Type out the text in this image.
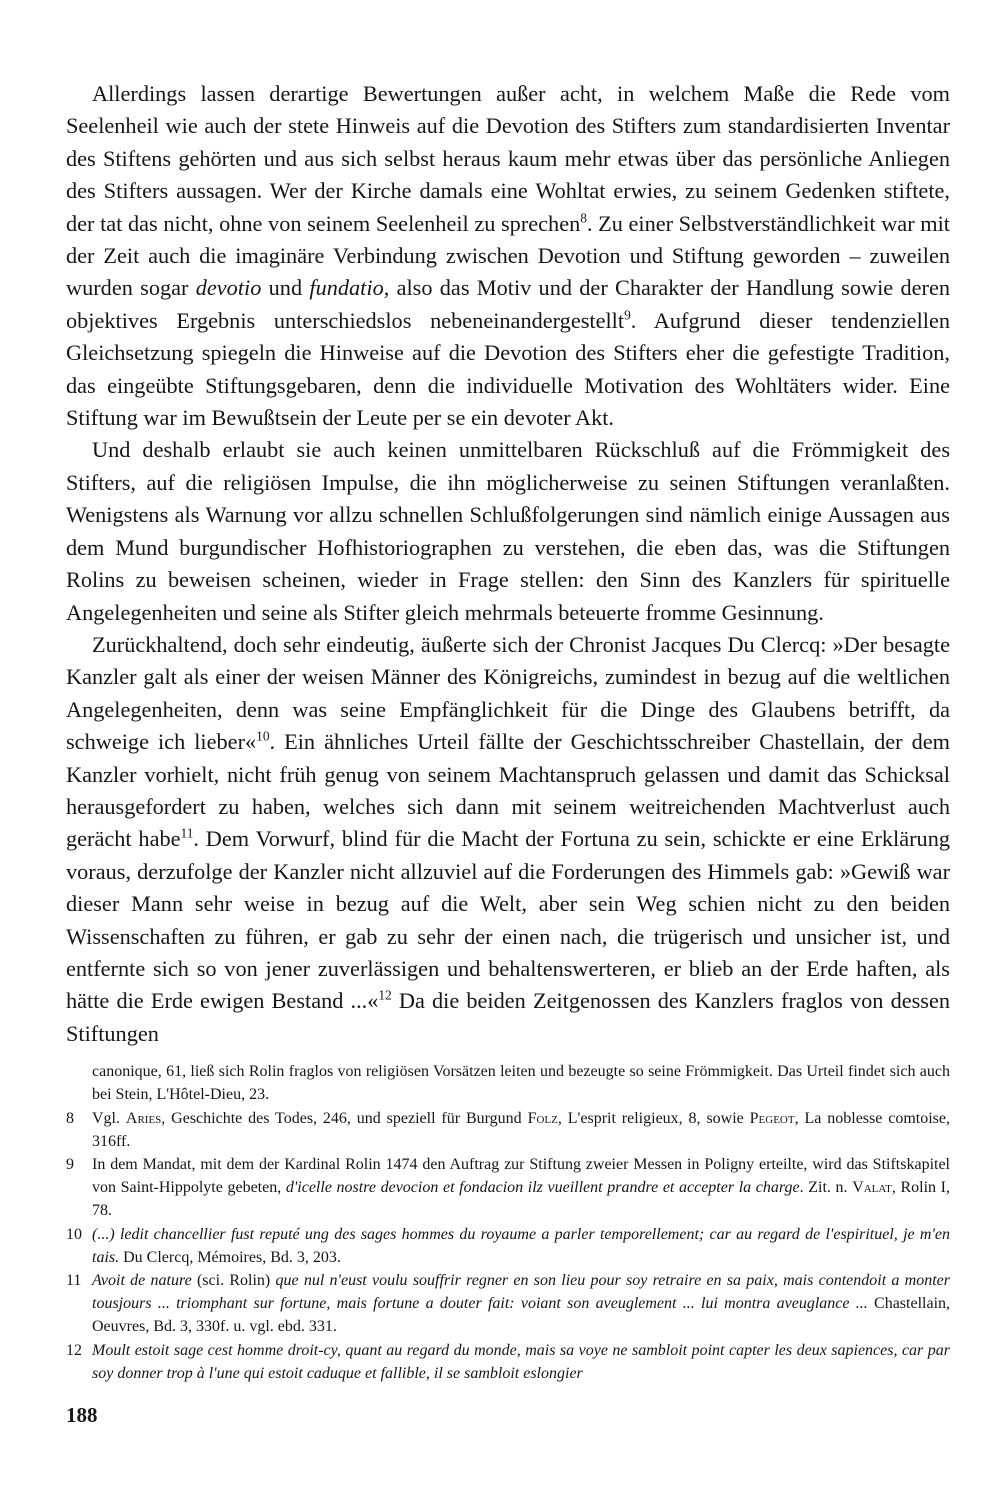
Allerdings lassen derartige Bewertungen außer acht, in welchem Maße die Rede vom Seelenheil wie auch der stete Hinweis auf die Devotion des Stifters zum standardisierten Inventar des Stiftens gehörten und aus sich selbst heraus kaum mehr etwas über das persönliche Anliegen des Stifters aussagen. Wer der Kirche damals eine Wohltat erwies, zu seinem Gedenken stiftete, der tat das nicht, ohne von seinem Seelenheil zu sprechen$^8$. Zu einer Selbstverständlichkeit war mit der Zeit auch die imaginäre Verbindung zwischen Devotion und Stiftung geworden – zuweilen wurden sogar devotio und fundatio, also das Motiv und der Charakter der Handlung sowie deren objektives Ergebnis unterschiedslos nebeneinandergestellt$^9$. Aufgrund dieser tendenziellen Gleichsetzung spiegeln die Hinweise auf die Devotion des Stifters eher die gefestigte Tradition, das eingeübte Stiftungsgebaren, denn die individuelle Motivation des Wohltäters wider. Eine Stiftung war im Bewußtsein der Leute per se ein devoter Akt.

Und deshalb erlaubt sie auch keinen unmittelbaren Rückschluß auf die Frömmigkeit des Stifters, auf die religiösen Impulse, die ihn möglicherweise zu seinen Stiftungen veranlaßten. Wenigstens als Warnung vor allzu schnellen Schlußfolgerungen sind nämlich einige Aussagen aus dem Mund burgundischer Hofhistoriographen zu verstehen, die eben das, was die Stiftungen Rolins zu beweisen scheinen, wieder in Frage stellen: den Sinn des Kanzlers für spirituelle Angelegenheiten und seine als Stifter gleich mehrmals beteuerte fromme Gesinnung.

Zurückhaltend, doch sehr eindeutig, äußerte sich der Chronist Jacques Du Clercq: »Der besagte Kanzler galt als einer der weisen Männer des Königreichs, zumindest in bezug auf die weltlichen Angelegenheiten, denn was seine Empfänglichkeit für die Dinge des Glaubens betrifft, da schweige ich lieber«$^{10}$. Ein ähnliches Urteil fällte der Geschichtsschreiber Chastellain, der dem Kanzler vorhielt, nicht früh genug von seinem Machtanspruch gelassen und damit das Schicksal herausgefordert zu haben, welches sich dann mit seinem weitreichenden Machtverlust auch gerächt habe$^{11}$. Dem Vorwurf, blind für die Macht der Fortuna zu sein, schickte er eine Erklärung voraus, derzufolge der Kanzler nicht allzuviel auf die Forderungen des Himmels gab: »Gewiß war dieser Mann sehr weise in bezug auf die Welt, aber sein Weg schien nicht zu den beiden Wissenschaften zu führen, er gab zu sehr der einen nach, die trügerisch und unsicher ist, und entfernte sich so von jener zuverlässigen und behaltenswerteren, er blieb an der Erde haften, als hätte die Erde ewigen Bestand ...«$^{12}$ Da die beiden Zeitgenossen des Kanzlers fraglos von dessen Stiftungen

canonique, 61, ließ sich Rolin fraglos von religiösen Vorsätzen leiten und bezeugte so seine Frömmigkeit. Das Urteil findet sich auch bei Stein, L'Hôtel-Dieu, 23.
8	Vgl. Aries, Geschichte des Todes, 246, und speziell für Burgund Folz, L'esprit religieux, 8, sowie Pegeot, La noblesse comtoise, 316ff.
9	In dem Mandat, mit dem der Kardinal Rolin 1474 den Auftrag zur Stiftung zweier Messen in Poligny erteilte, wird das Stiftskapitel von Saint-Hippolyte gebeten, d'icelle nostre devocion et fondacion ilz vueillent prandre et accepter la charge. Zit. n. Valat, Rolin I, 78.
10 (...) ledit chancellier fust reputé ung des sages hommes du royaume a parler temporellement; car au regard de l'espirituel, je m'en tais. Du Clercq, Mémoires, Bd. 3, 203.
11 Avoit de nature (sci. Rolin) que nul n'eust voulu souffrir regner en son lieu pour soy retraire en sa paix, mais contendoit a monter tousjours ... triomphant sur fortune, mais fortune a douter fait: voiant son aveuglement ... lui montra aveuglance ... Chastellain, Oeuvres, Bd. 3, 330f. u. vgl. ebd. 331.
12 Moult estoit sage cest homme droit-cy, quant au regard du monde, mais sa voye ne sambloit point capter les deux sapiences, car par soy donner trop à l'une qui estoit caduque et fallible, il se sambloit eslongier
188
